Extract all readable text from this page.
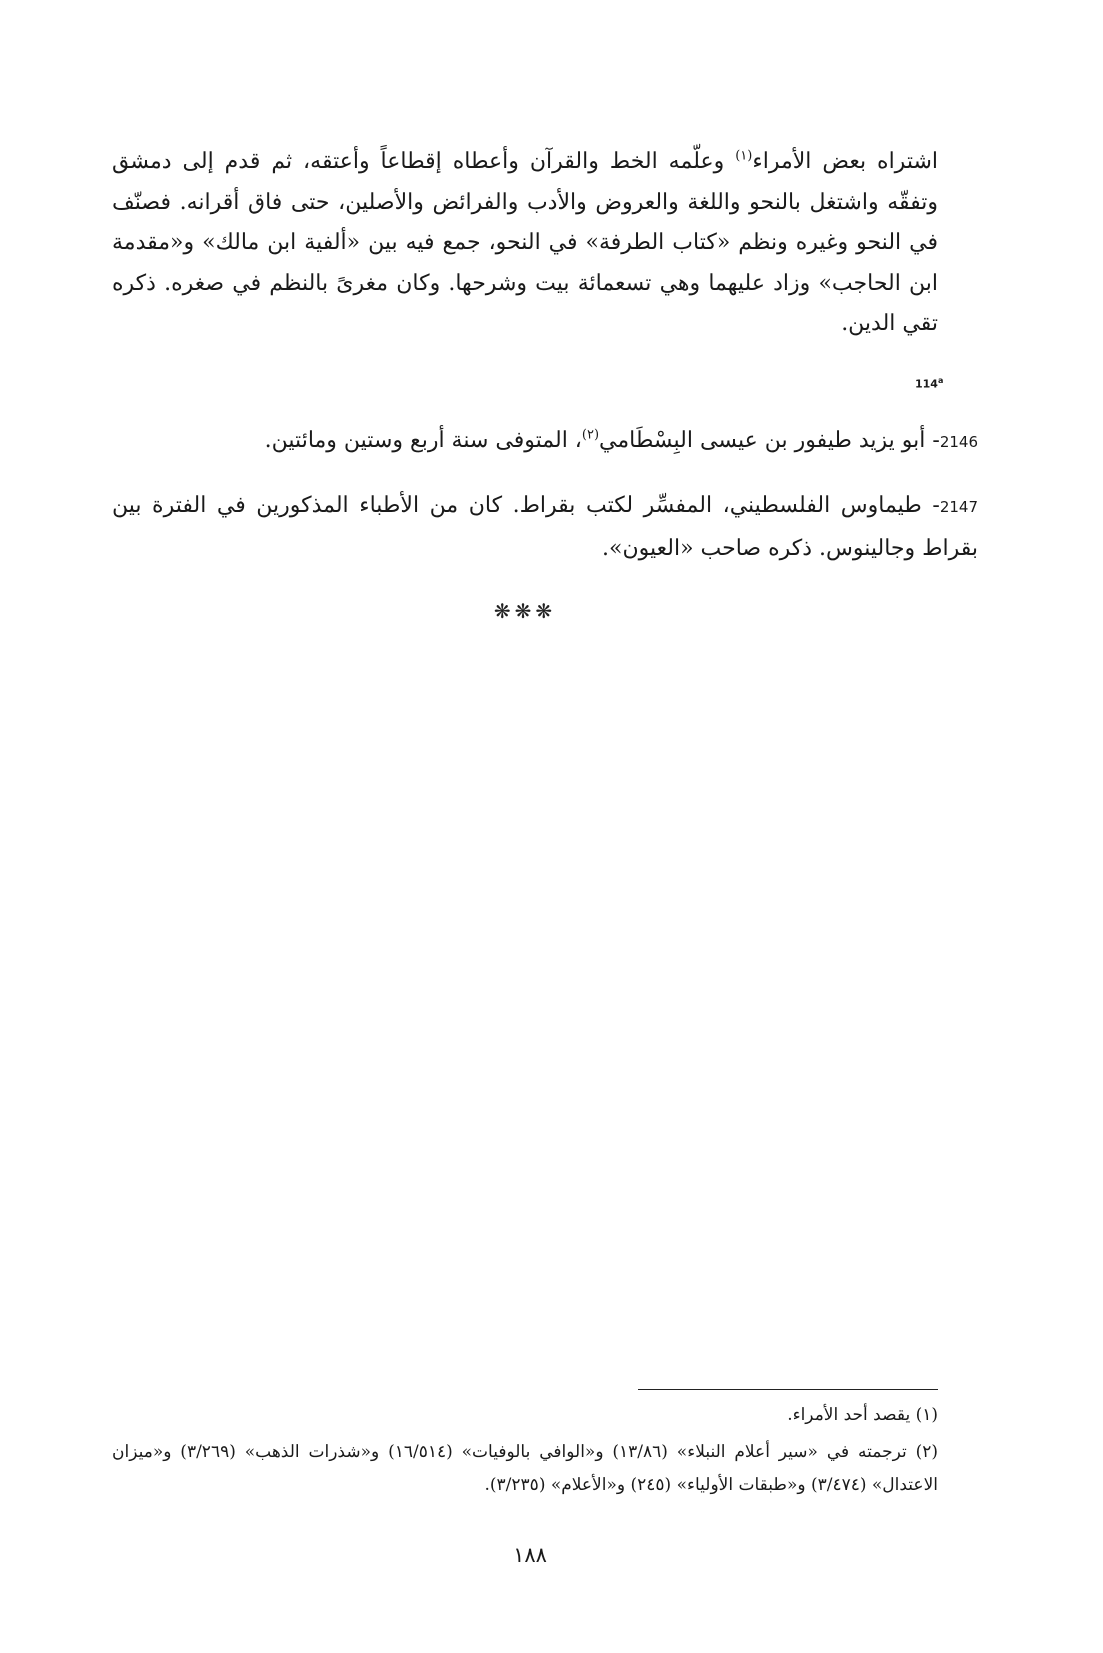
اشتراه بعض الأمراء$^{(١)}$ وعلّمه الخط والقرآن وأعطاه إقطاعاً وأعتقه، ثم قدم إلى دمشق وتفقّه واشتغل بالنحو واللغة والعروض والأدب والفرائض والأصلين، حتى فاق أقرانه. فصنّف في النحو وغيره ونظم «كتاب الطرفة» في النحو، جمع فيه بين «ألفية ابن مالك» و«مقدمة ابن الحاجب» وزاد عليهما وهي تسعمائة بيت وشرحها. وكان مغرىً بالنظم في صغره. ذكره تقي الدين.

114$^a$

2146- أبو يزيد طيفور بن عيسى البِسْطَامي$^{(٢)}$، المتوفى سنة أربع وستين ومائتين.

2147- طيماوس الفلسطيني، المفسِّر لكتب بقراط. كان من الأطباء المذكورين في الفترة بين بقراط وجالينوس. ذكره صاحب «العيون».

❋❋❋

(١) يقصد أحد الأمراء.

(٢) ترجمته في «سير أعلام النبلاء» (١٣/٨٦) و«الوافي بالوفيات» (١٦/٥١٤) و«شذرات الذهب» (٣/٢٦٩) و«ميزان الاعتدال» (٣/٤٧٤) و«طبقات الأولياء» (٢٤٥) و«الأعلام» (٣/٢٣٥).

١٨٨
